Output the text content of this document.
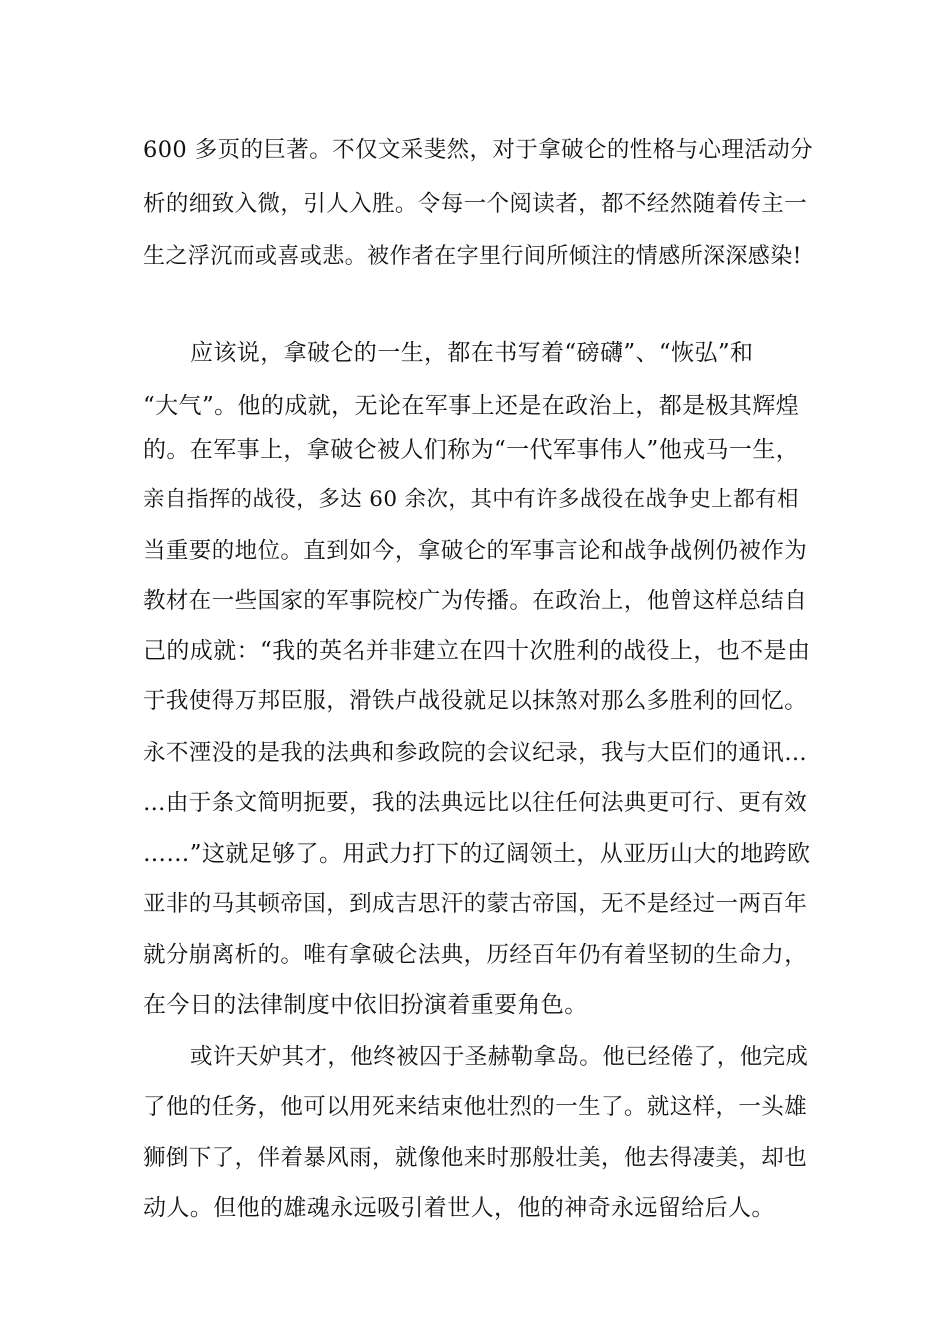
600 多页的巨著。不仅文采斐然，对于拿破仑的性格与心理活动分
析的细致入微，引人入胜。令每一个阅读者，都不经然随着传主一
生之浮沉而或喜或悲。被作者在字里行间所倾注的情感所深深感染!
应该说，拿破仑的一生，都在书写着“磅礴”、“恢弘”和
“大气”。他的成就，无论在军事上还是在政治上，都是极其辉煌
的。在军事上，拿破仑被人们称为“一代军事伟人”他戎马一生，
亲自指挥的战役，多达 60 余次，其中有许多战役在战争史上都有相
当重要的地位。直到如今，拿破仑的军事言论和战争战例仍被作为
教材在一些国家的军事院校广为传播。在政治上，他曾这样总结自
己的成就：“我的英名并非建立在四十次胜利的战役上，也不是由
于我使得万邦臣服，滑铁卢战役就足以抹煞对那么多胜利的回忆。
永不湮没的是我的法典和参政院的会议纪录，我与大臣们的通讯…
…由于条文简明扼要，我的法典远比以往任何法典更可行、更有效
……”这就足够了。用武力打下的辽阔领土，从亚历山大的地跨欧
亚非的马其顿帝国，到成吉思汗的蒙古帝国，无不是经过一两百年
就分崩离析的。唯有拿破仑法典，历经百年仍有着坚韧的生命力，
在今日的法律制度中依旧扮演着重要角色。
或许天妒其才，他终被囚于圣赫勒拿岛。他已经倦了，他完成
了他的任务，他可以用死来结束他壮烈的一生了。就这样，一头雄
狮倒下了，伴着暴风雨，就像他来时那般壮美，他去得凄美，却也
动人。但他的雄魂永远吸引着世人，他的神奇永远留给后人。
